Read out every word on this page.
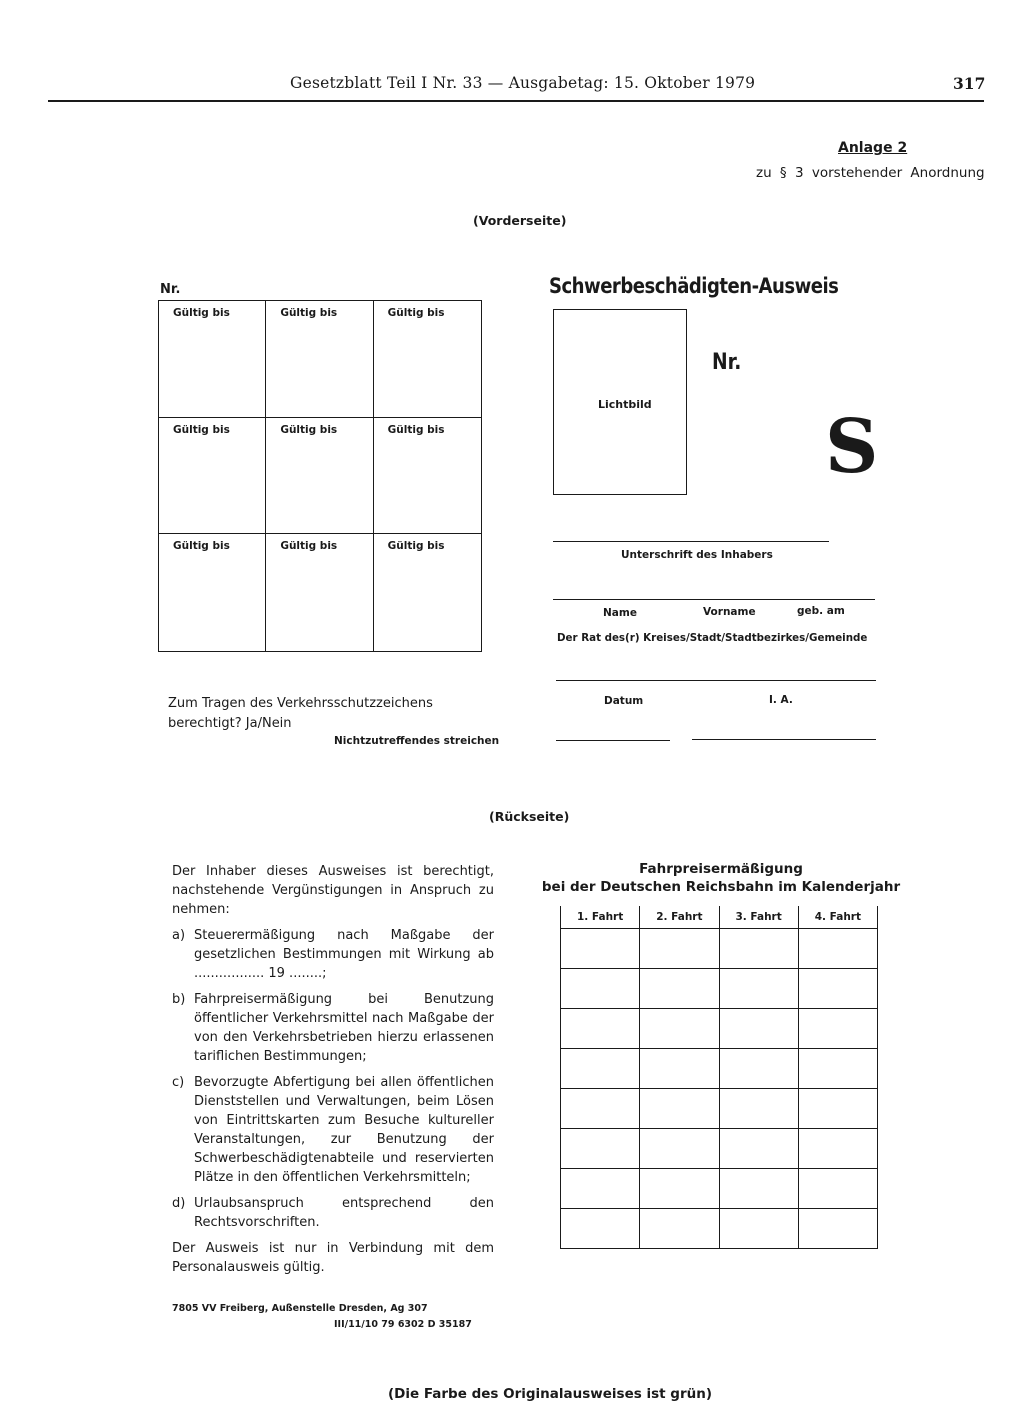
Gesetzblatt Teil I Nr. 33 — Ausgabetag: 15. Oktober 1979	317
Anlage 2
zu § 3 vorstehender Anordnung
(Vorderseite)
Nr.
Gültig bis	Gültig bis	Gültig bis
Gültig bis	Gültig bis	Gültig bis
Gültig bis	Gültig bis	Gültig bis
Schwerbeschädigten-Ausweis
Lichtbild
Nr.
S
Unterschrift des Inhabers
Name	Vorname	geb. am
Der Rat des(r) Kreises/Stadt/Stadtbezirkes/Gemeinde
Datum	I. A.
Zum Tragen des Verkehrsschutzzeichens
berechtigt? Ja/Nein
Nichtzutreffendes streichen
(Rückseite)

Der Inhaber dieses Ausweises ist berechtigt, nachstehende Vergünstigungen in Anspruch zu nehmen:

a) Steuerermäßigung nach Maßgabe der gesetzlichen Bestimmungen mit Wirkung ab ................. 19 ........;
b) Fahrpreisermäßigung bei Benutzung öffentlicher Verkehrsmittel nach Maßgabe der von den Verkehrsbetrieben hierzu erlassenen tariflichen Bestimmungen;
c) Bevorzugte Abfertigung bei allen öffentlichen Dienststellen und Verwaltungen, beim Lösen von Eintrittskarten zum Besuche kultureller Veranstaltungen, zur Benutzung der Schwerbeschädigtenabteile und reservierten Plätze in den öffentlichen Verkehrsmitteln;
d) Urlaubsanspruch entsprechend den Rechtsvorschriften.

Der Ausweis ist nur in Verbindung mit dem Personalausweis gültig.

7805 VV Freiberg, Außenstelle Dresden, Ag 307
III/11/10 79 6302 D 35187
Fahrpreisermäßigung
bei der Deutschen Reichsbahn im Kalenderjahr
1. Fahrt	2. Fahrt	3. Fahrt	4. Fahrt

(Die Farbe des Originalausweises ist grün)
